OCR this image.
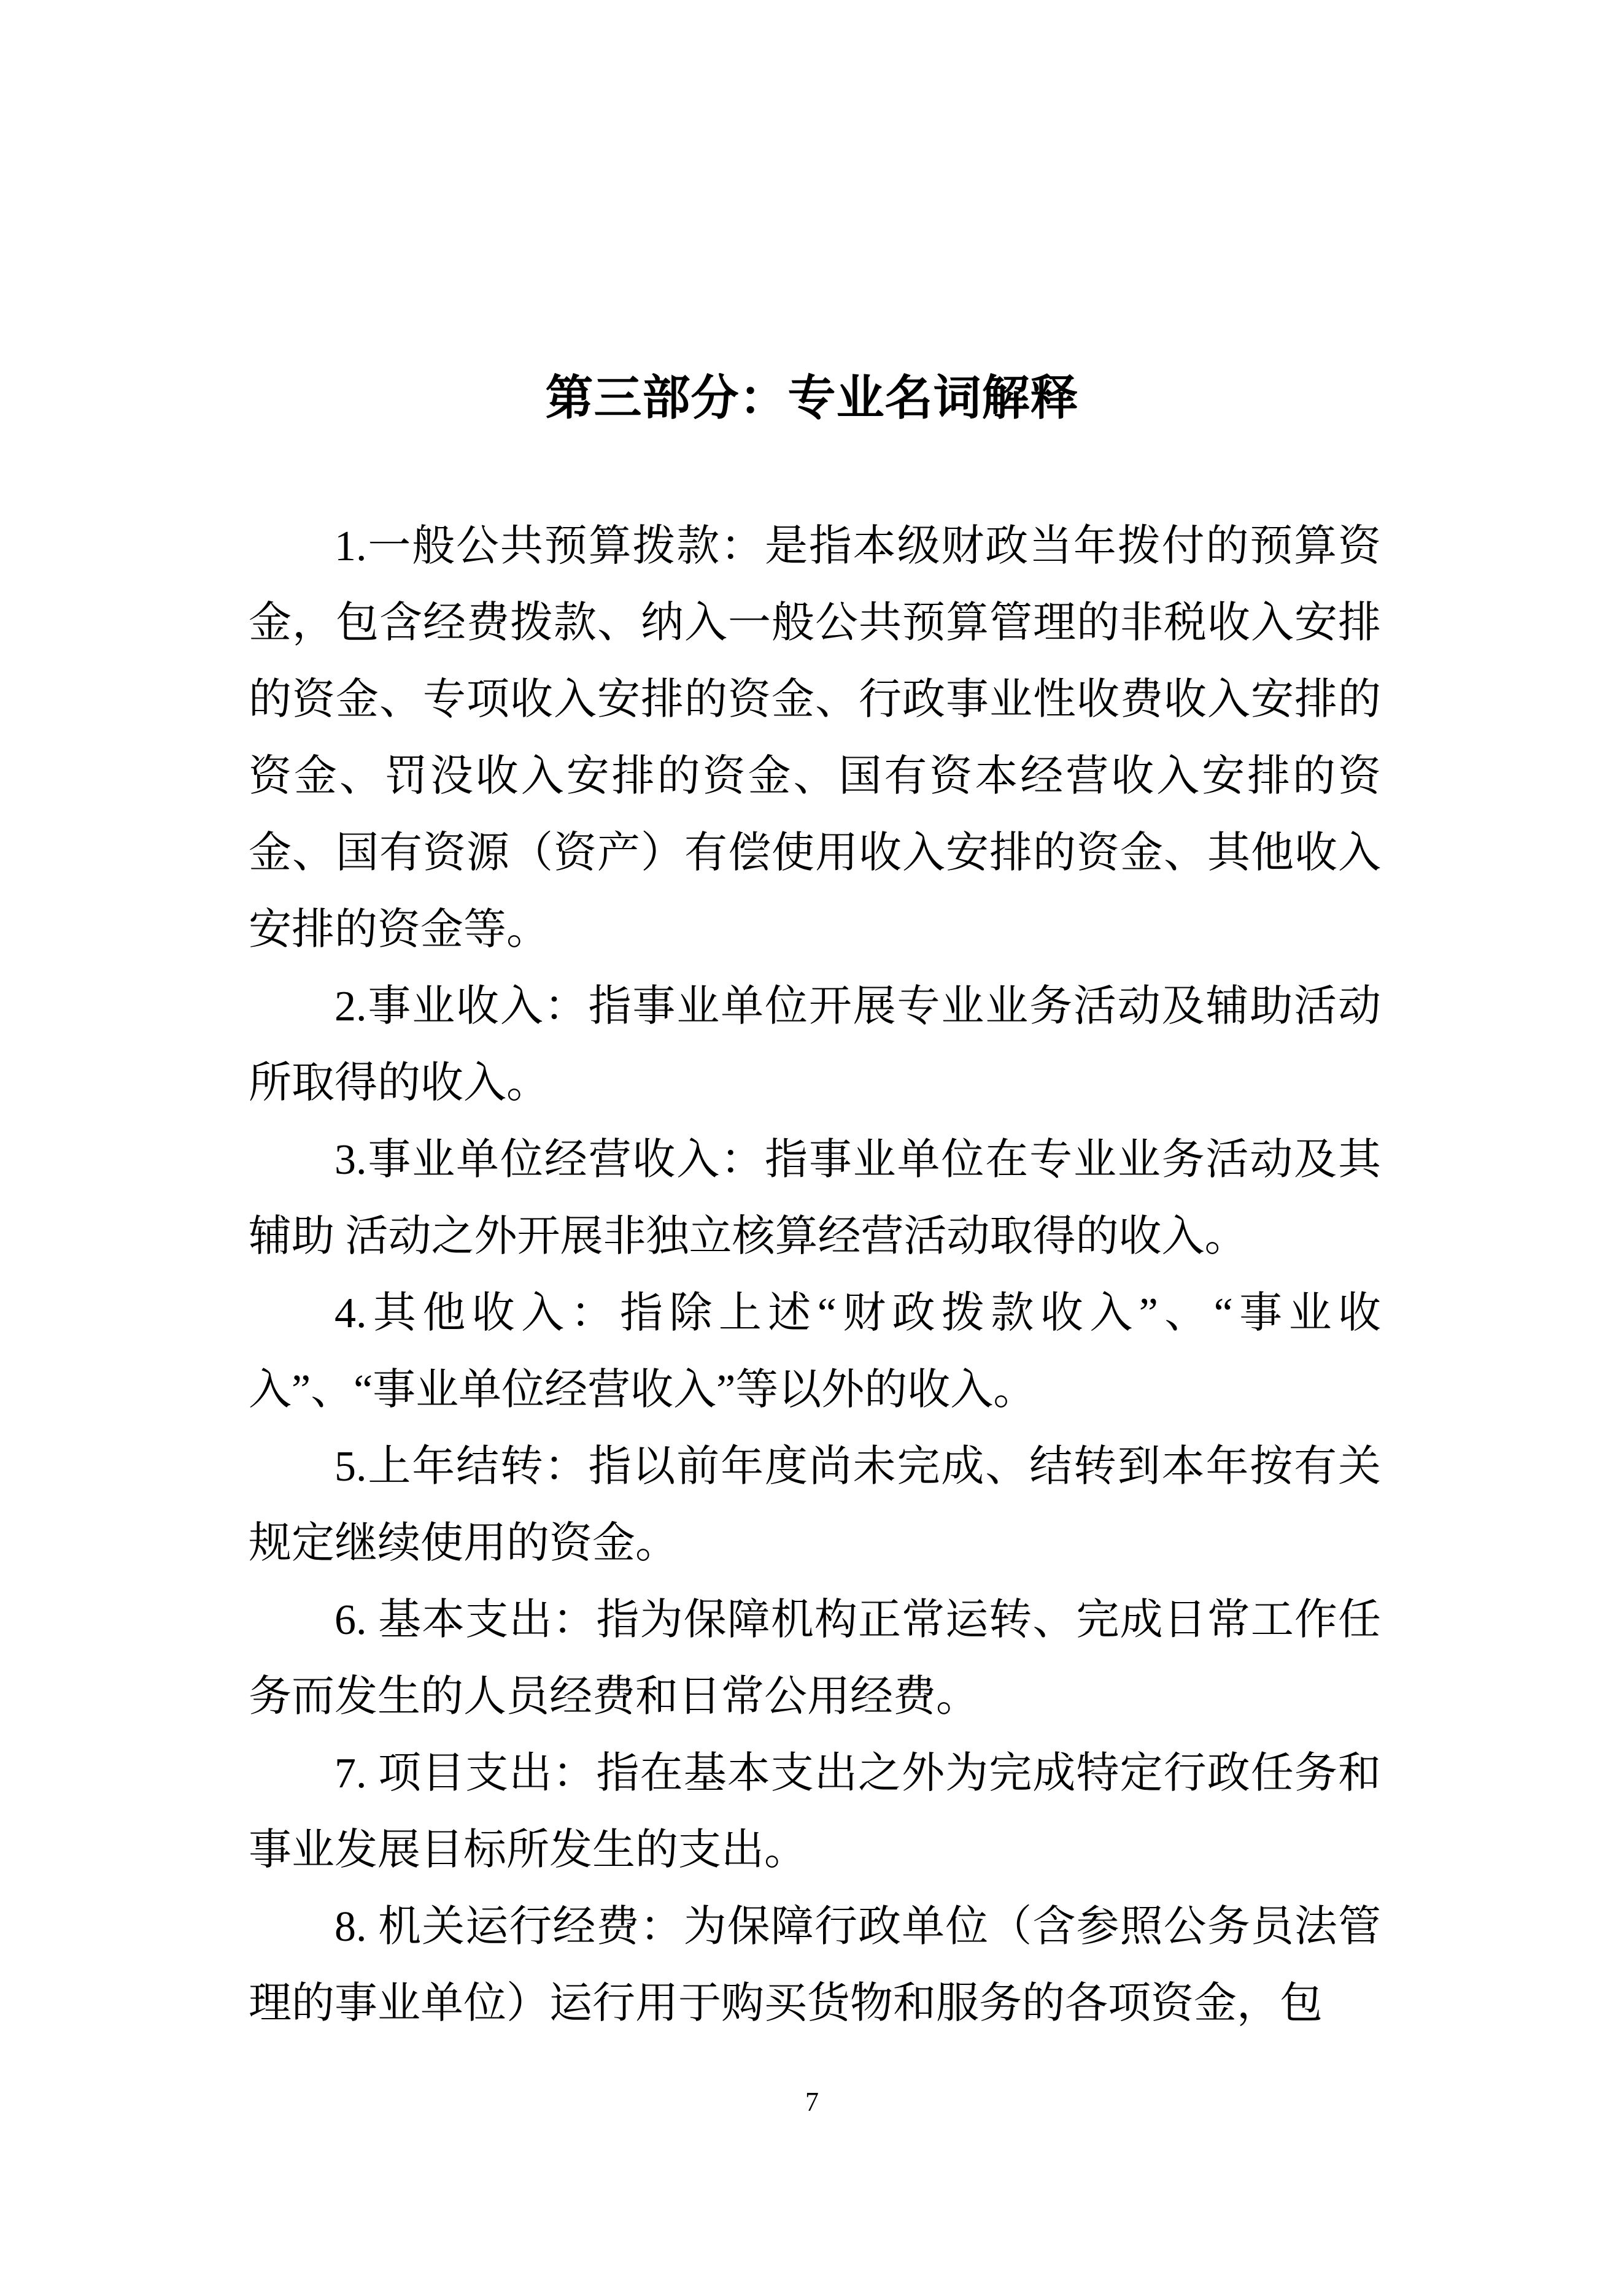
第三部分：专业名词解释

1.一般公共预算拨款：是指本级财政当年拨付的预算资金，包含经费拨款、纳入一般公共预算管理的非税收入安排的资金、专项收入安排的资金、行政事业性收费收入安排的资金、罚没收入安排的资金、国有资本经营收入安排的资金、国有资源（资产）有偿使用收入安排的资金、其他收入安排的资金等。

2.事业收入：指事业单位开展专业业务活动及辅助活动所取得的收入。

3.事业单位经营收入：指事业单位在专业业务活动及其辅助 活动之外开展非独立核算经营活动取得的收入。

4.其他收入：指除上述“财政拨款收入”、“事业收入”、“事业单位经营收入”等以外的收入。

5.上年结转：指以前年度尚未完成、结转到本年按有关规定继续使用的资金。

6. 基本支出：指为保障机构正常运转、完成日常工作任务而发生的人员经费和日常公用经费。

7. 项目支出：指在基本支出之外为完成特定行政任务和事业发展目标所发生的支出。

8. 机关运行经费：为保障行政单位（含参照公务员法管理的事业单位）运行用于购买货物和服务的各项资金，包

7
